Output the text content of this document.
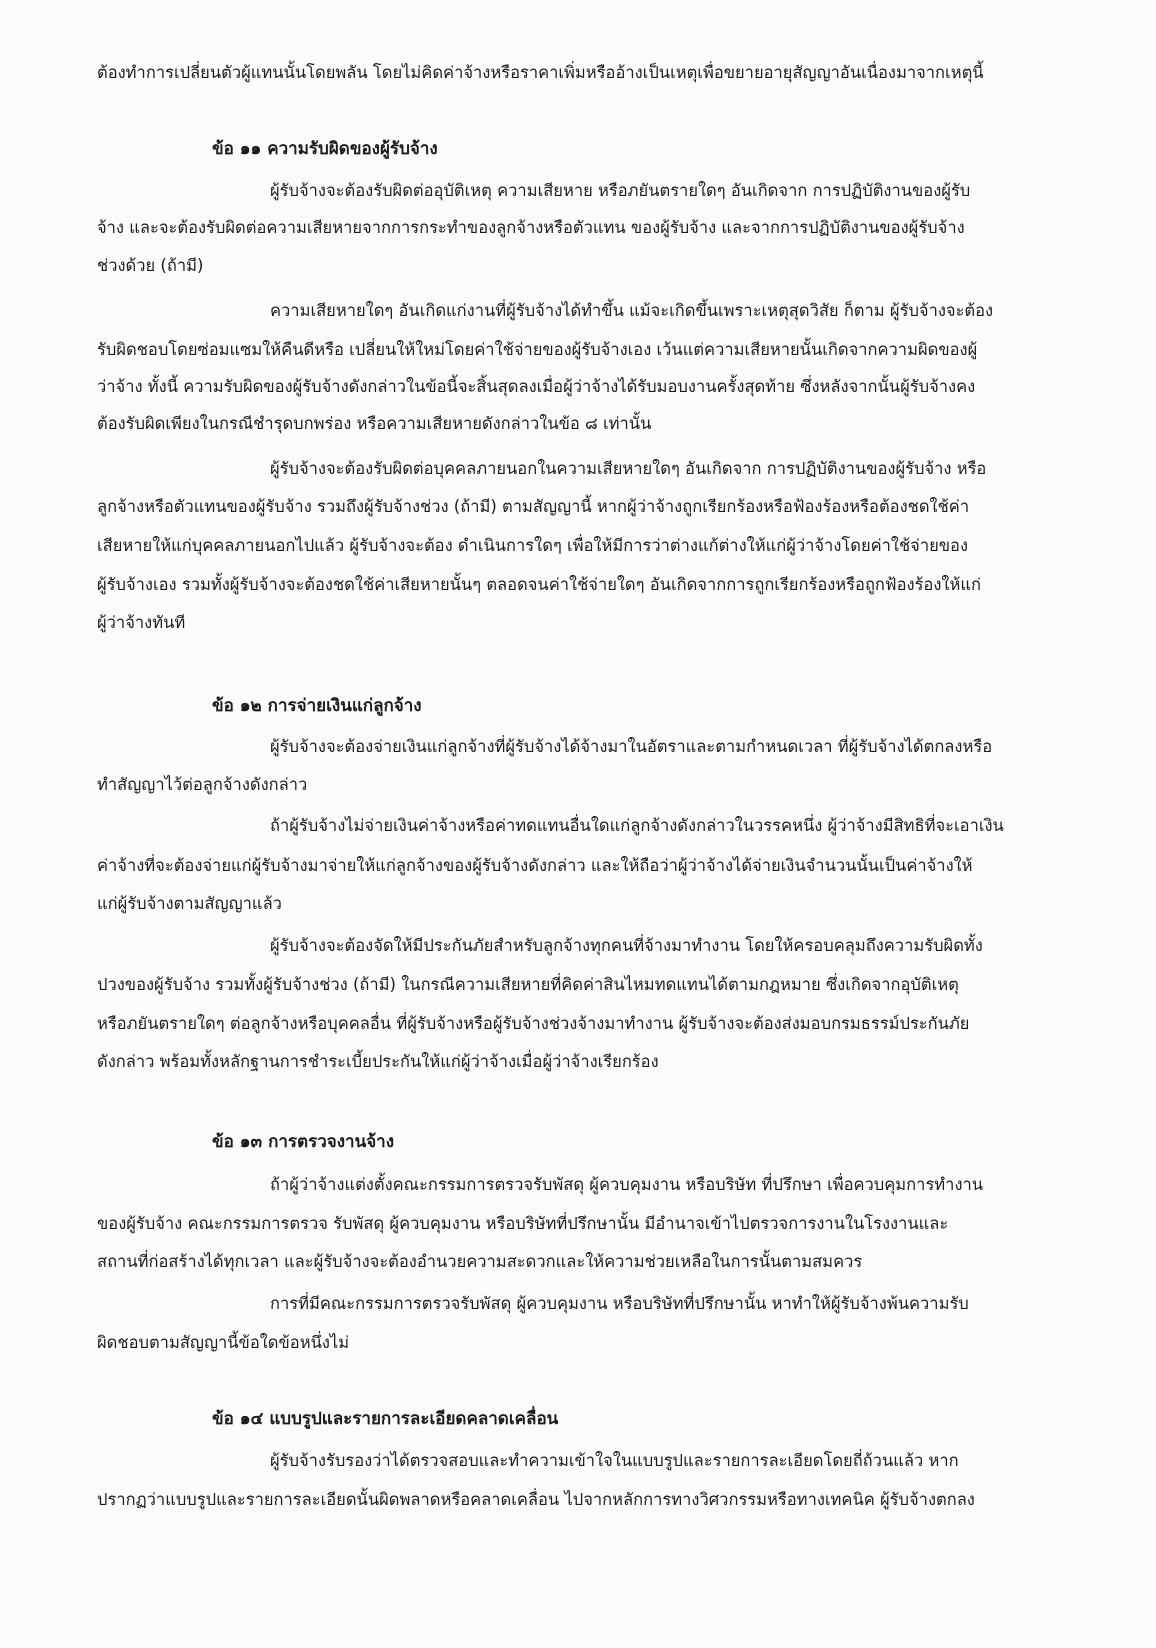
ต้องทำการเปลี่ยนตัวผู้แทนนั้นโดยพลัน โดยไม่คิดค่าจ้างหรือราคาเพิ่มหรืออ้างเป็นเหตุเพื่อขยายอายุสัญญาอันเนื่องมาจากเหตุนี้
ข้อ ๑๑ ความรับผิดของผู้รับจ้าง
ผู้รับจ้างจะต้องรับผิดต่ออุบัติเหตุ ความเสียหาย หรือภยันตรายใดๆ อันเกิดจาก การปฏิบัติงานของผู้รับ
จ้าง และจะต้องรับผิดต่อความเสียหายจากการกระทำของลูกจ้างหรือตัวแทน ของผู้รับจ้าง และจากการปฏิบัติงานของผู้รับจ้าง
ช่วงด้วย (ถ้ามี)
ความเสียหายใดๆ อันเกิดแก่งานที่ผู้รับจ้างได้ทำขึ้น แม้จะเกิดขึ้นเพราะเหตุสุดวิสัย ก็ตาม ผู้รับจ้างจะต้อง
รับผิดชอบโดยซ่อมแซมให้คืนดีหรือ เปลี่ยนให้ใหม่โดยค่าใช้จ่ายของผู้รับจ้างเอง เว้นแต่ความเสียหายนั้นเกิดจากความผิดของผู้
ว่าจ้าง ทั้งนี้ ความรับผิดของผู้รับจ้างดังกล่าวในข้อนี้จะสิ้นสุดลงเมื่อผู้ว่าจ้างได้รับมอบงานครั้งสุดท้าย ซึ่งหลังจากนั้นผู้รับจ้างคง
ต้องรับผิดเพียงในกรณีชำรุดบกพร่อง หรือความเสียหายดังกล่าวในข้อ ๘ เท่านั้น
ผู้รับจ้างจะต้องรับผิดต่อบุคคลภายนอกในความเสียหายใดๆ อันเกิดจาก การปฏิบัติงานของผู้รับจ้าง หรือ
ลูกจ้างหรือตัวแทนของผู้รับจ้าง รวมถึงผู้รับจ้างช่วง (ถ้ามี) ตามสัญญานี้ หากผู้ว่าจ้างถูกเรียกร้องหรือฟ้องร้องหรือต้องชดใช้ค่า
เสียหายให้แก่บุคคลภายนอกไปแล้ว ผู้รับจ้างจะต้อง ดำเนินการใดๆ เพื่อให้มีการว่าต่างแก้ต่างให้แก่ผู้ว่าจ้างโดยค่าใช้จ่ายของ
ผู้รับจ้างเอง รวมทั้งผู้รับจ้างจะต้องชดใช้ค่าเสียหายนั้นๆ ตลอดจนค่าใช้จ่ายใดๆ อันเกิดจากการถูกเรียกร้องหรือถูกฟ้องร้องให้แก่
ผู้ว่าจ้างทันที
ข้อ ๑๒ การจ่ายเงินแก่ลูกจ้าง
ผู้รับจ้างจะต้องจ่ายเงินแก่ลูกจ้างที่ผู้รับจ้างได้จ้างมาในอัตราและตามกำหนดเวลา ที่ผู้รับจ้างได้ตกลงหรือ
ทำสัญญาไว้ต่อลูกจ้างดังกล่าว
ถ้าผู้รับจ้างไม่จ่ายเงินค่าจ้างหรือค่าทดแทนอื่นใดแก่ลูกจ้างดังกล่าวในวรรคหนึ่ง ผู้ว่าจ้างมีสิทธิที่จะเอาเงิน
ค่าจ้างที่จะต้องจ่ายแก่ผู้รับจ้างมาจ่ายให้แก่ลูกจ้างของผู้รับจ้างดังกล่าว และให้ถือว่าผู้ว่าจ้างได้จ่ายเงินจำนวนนั้นเป็นค่าจ้างให้
แก่ผู้รับจ้างตามสัญญาแล้ว
ผู้รับจ้างจะต้องจัดให้มีประกันภัยสำหรับลูกจ้างทุกคนที่จ้างมาทำงาน โดยให้ครอบคลุมถึงความรับผิดทั้ง
ปวงของผู้รับจ้าง รวมทั้งผู้รับจ้างช่วง (ถ้ามี) ในกรณีความเสียหายที่คิดค่าสินไหมทดแทนได้ตามกฎหมาย ซึ่งเกิดจากอุบัติเหตุ
หรือภยันตรายใดๆ ต่อลูกจ้างหรือบุคคลอื่น ที่ผู้รับจ้างหรือผู้รับจ้างช่วงจ้างมาทำงาน ผู้รับจ้างจะต้องส่งมอบกรมธรรม์ประกันภัย
ดังกล่าว พร้อมทั้งหลักฐานการชำระเบี้ยประกันให้แก่ผู้ว่าจ้างเมื่อผู้ว่าจ้างเรียกร้อง
ข้อ ๑๓ การตรวจงานจ้าง
ถ้าผู้ว่าจ้างแต่งตั้งคณะกรรมการตรวจรับพัสดุ ผู้ควบคุมงาน หรือบริษัท ที่ปรึกษา เพื่อควบคุมการทำงาน
ของผู้รับจ้าง คณะกรรมการตรวจ รับพัสดุ ผู้ควบคุมงาน หรือบริษัทที่ปรึกษานั้น มีอำนาจเข้าไปตรวจการงานในโรงงานและ
สถานที่ก่อสร้างได้ทุกเวลา และผู้รับจ้างจะต้องอำนวยความสะดวกและให้ความช่วยเหลือในการนั้นตามสมควร
การที่มีคณะกรรมการตรวจรับพัสดุ ผู้ควบคุมงาน หรือบริษัทที่ปรึกษานั้น หาทำให้ผู้รับจ้างพ้นความรับ
ผิดชอบตามสัญญานี้ข้อใดข้อหนึ่งไม่
ข้อ ๑๔ แบบรูปและรายการละเอียดคลาดเคลื่อน
ผู้รับจ้างรับรองว่าได้ตรวจสอบและทำความเข้าใจในแบบรูปและรายการละเอียดโดยถี่ถ้วนแล้ว หาก
ปรากฏว่าแบบรูปและรายการละเอียดนั้นผิดพลาดหรือคลาดเคลื่อน ไปจากหลักการทางวิศวกรรมหรือทางเทคนิค ผู้รับจ้างตกลง
